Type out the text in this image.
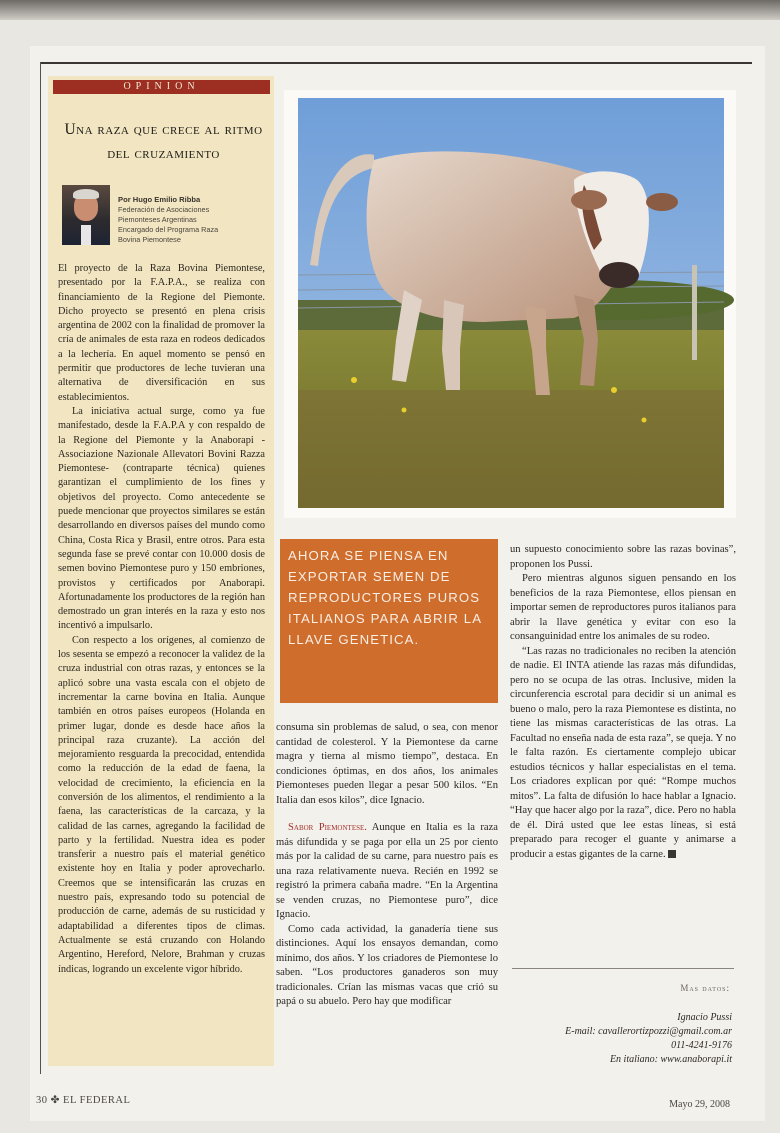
OPINION
Una raza que crece al ritmo del cruzamiento
Por Hugo Emilio Ribba
Federación de Asociaciones
Piemonteses Argentinas
Encargado del Programa Raza
Bovina Piemontese

El proyecto de la Raza Bovina Piemontese, presentado por la F.A.P.A., se realiza con financiamiento de la Regione del Piemonte. Dicho proyecto se presentó en plena crisis argentina de 2002 con la finalidad de promover la cría de animales de esta raza en rodeos dedicados a la lechería. En aquel momento se pensó en permitir que productores de leche tuvieran una alternativa de diversificación en sus establecimientos.

La iniciativa actual surge, como ya fue manifestado, desde la F.A.P.A y con respaldo de la Regione del Piemonte y la Anaborapi -Associazione Nazionale Allevatori Bovini Razza Piemontese- (contraparte técnica) quienes garantizan el cumplimiento de los fines y objetivos del proyecto. Como antecedente se puede mencionar que proyectos similares se están desarrollando en diversos países del mundo como China, Costa Rica y Brasil, entre otros. Para esta segunda fase se prevé contar con 10.000 dosis de semen bovino Piemontese puro y 150 embriones, provistos y certificados por Anaborapi. Afortunadamente los productores de la región han demostrado un gran interés en la raza y esto nos incentivó a impulsarlo.

Con respecto a los orígenes, al comienzo de los sesenta se empezó a reconocer la validez de la cruza industrial con otras razas, y entonces se la aplicó sobre una vasta escala con el objeto de incrementar la carne bovina en Italia. Aunque también en otros países europeos (Holanda en primer lugar, donde es desde hace años la principal raza cruzante). La acción del mejoramiento resguarda la precocidad, entendida como la reducción de la edad de faena, la velocidad de crecimiento, la eficiencia en la conversión de los alimentos, el rendimiento a la faena, las características de la carcaza, y la calidad de las carnes, agregando la facilidad de parto y la fertilidad. Nuestra idea es poder transferir a nuestro país el material genético existente hoy en Italia y poder aprovecharlo. Creemos que se intensificarán las cruzas en nuestro país, expresando todo su potencial de producción de carne, además de su rusticidad y adaptabilidad a diferentes tipos de climas. Actualmente se está cruzando con Holando Argentino, Hereford, Nelore, Brahman y cruzas índicas, logrando un excelente vigor híbrido.

AHORA SE PIENSA EN EXPORTAR SEMEN DE REPRODUCTORES PUROS ITALIANOS PARA ABRIR LA LLAVE GENETICA.

consuma sin problemas de salud, o sea, con menor cantidad de colesterol. Y la Piemontese da carne magra y tierna al mismo tiempo”, destaca. En condiciones óptimas, en dos años, los animales Piemonteses pueden llegar a pesar 500 kilos. “En Italia dan esos kilos”, dice Ignacio.

Sabor Piemontese. Aunque en Italia es la raza más difundida y se paga por ella un 25 por ciento más por la calidad de su carne, para nuestro país es una raza relativamente nueva. Recién en 1992 se registró la primera cabaña madre. “En la Argentina se venden cruzas, no Piemontese puro”, dice Ignacio.

Como cada actividad, la ganadería tiene sus distinciones. Aquí los ensayos demandan, como mínimo, dos años. Y los criadores de Piemontese lo saben. “Los productores ganaderos son muy tradicionales. Crían las mismas vacas que crió su papá o su abuelo. Pero hay que modificar

un supuesto conocimiento sobre las razas bovinas”, proponen los Pussi.

Pero mientras algunos siguen pensando en los beneficios de la raza Piemontese, ellos piensan en importar semen de reproductores puros italianos para abrir la llave genética y evitar con eso la consanguinidad entre los animales de su rodeo.

“Las razas no tradicionales no reciben la atención de nadie. El INTA atiende las razas más difundidas, pero no se ocupa de las otras. Inclusive, miden la circunferencia escrotal para decidir si un animal es bueno o malo, pero la raza Piemontese es distinta, no tiene las mismas características de las otras. La Facultad no enseña nada de esta raza”, se queja. Y no le falta razón. Es ciertamente complejo ubicar estudios técnicos y hallar especialistas en el tema. Los criadores explican por qué: “Rompe muchos mitos”. La falta de difusión lo hace hablar a Ignacio. “Hay que hacer algo por la raza”, dice. Pero no habla de él. Dirá usted que lee estas líneas, si está preparado para recoger el guante y animarse a producir a estas gigantes de la carne.

Mas datos:
Ignacio Pussi
E-mail: cavallerortizpozzi@gmail.com.ar
011-4241-9176
En italiano: www.anaborapi.it
30 ✤ EL FEDERAL	Mayo 29, 2008
